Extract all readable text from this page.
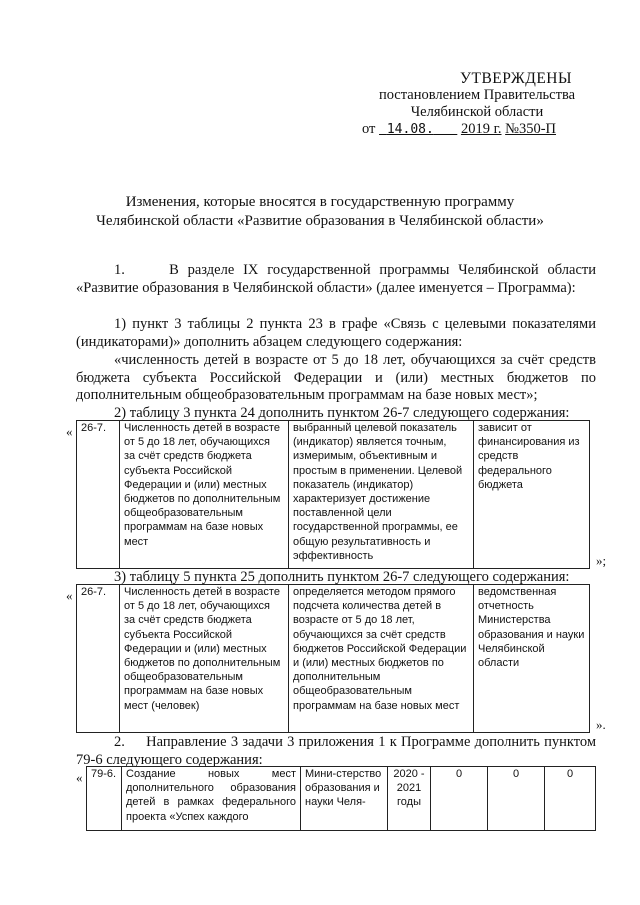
УТВЕРЖДЕНЫ
постановлением Правительства
Челябинской области
от 14.08. 2019 г. №350-П
Изменения, которые вносятся в государственную программу
Челябинской области «Развитие образования в Челябинской области»
1.     В разделе IX государственной программы Челябинской области «Развитие образования в Челябинской области» (далее именуется – Программа):
1) пункт 3 таблицы 2 пункта 23 в графе «Связь с целевыми показателями (индикаторами)» дополнить абзацем следующего содержания:
«численность детей в возрасте от 5 до 18 лет, обучающихся за счёт средств бюджета субъекта Российской Федерации и (или) местных бюджетов по дополнительным общеобразовательным программам на базе новых мест»;
2) таблицу 3 пункта 24 дополнить пунктом 26-7 следующего содержания:
« 26-7.	Численность детей в возрасте от 5 до 18 лет, обучающихся за счёт средств бюджета субъекта Российской Федерации и (или) местных бюджетов по дополнительным общеобразовательным программам на базе новых мест	выбранный целевой показатель (индикатор) является точным, измеримым, объективным и простым в применении. Целевой показатель (индикатор) характеризует достижение поставленной цели государственной программы, ее общую результативность и эффективность	зависит от финансирования из средств федерального бюджета
»;
3) таблицу 5 пункта 25 дополнить пунктом 26-7 следующего содержания:
« 26-7.	Численность детей в возрасте от 5 до 18 лет, обучающихся за счёт средств бюджета субъекта Российской Федерации и (или) местных бюджетов по дополнительным общеобразовательным программам на базе новых мест (человек)	определяется методом прямого подсчета количества детей в возрасте от 5 до 18 лет, обучающихся за счёт средств бюджетов Российской Федерации и (или) местных бюджетов по дополнительным общеобразовательным программам на базе новых мест	ведомственная отчетность Министерства образования и науки Челябинской области
».
2.     Направление 3 задачи 3 приложения 1 к Программе дополнить пунктом 79-6 следующего содержания:
« 79-6.	Создание новых мест дополнительного образования детей в рамках федерального проекта «Успех каждого	Мини-стерство образования и науки Челя-	2020 - 2021 годы	0	0	0
